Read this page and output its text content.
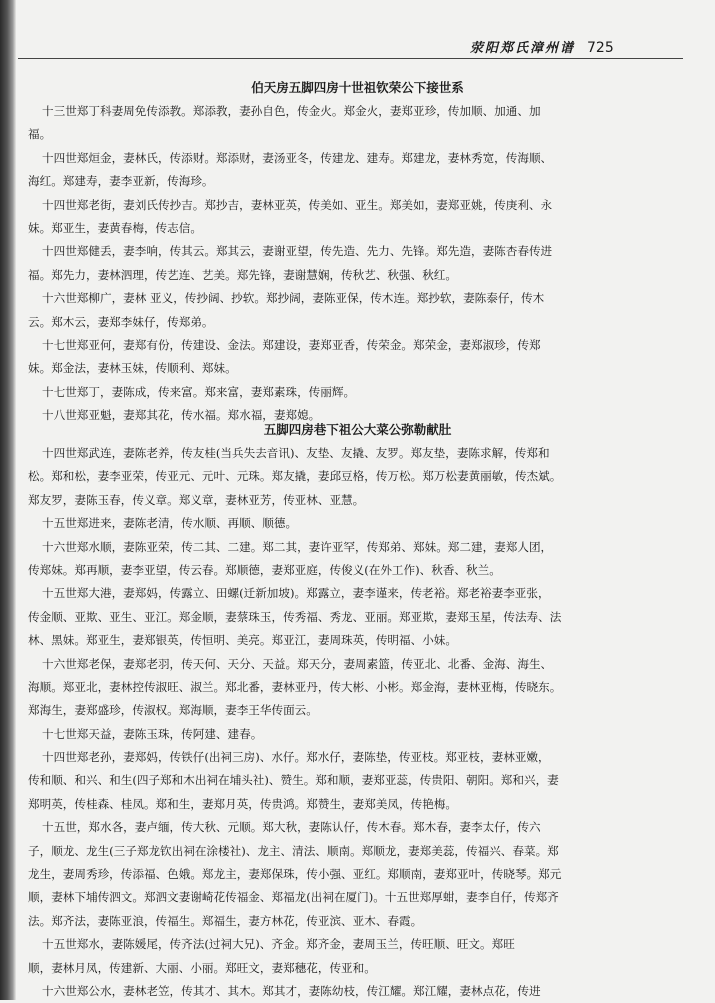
荥阳郑氏漳州谱 725
伯天房五脚四房十世祖钦荣公下接世系
十三世郑丁科妻周免传添教。郑添教，妻孙自色，传金火。郑金火，妻郑亚珍，传加顺、加通、加
福。
十四世郑烜金，妻林氏，传添财。郑添财，妻汤亚冬，传建龙、建寿。郑建龙，妻林秀宽，传海顺、
海红。郑建寿，妻李亚新，传海珍。
十四世郑老街，妻刘氏传抄吉。郑抄吉，妻林亚英，传美如、亚生。郑美如，妻郑亚姚，传庚利、永
妹。郑亚生，妻黄春梅，传志信。
十四世郑健丢，妻李响，传其云。郑其云，妻谢亚望，传先造、先力、先锋。郑先造，妻陈杏春传进
福。郑先力，妻林泗理，传艺连、艺美。郑先锋，妻谢慧娴，传秋艺、秋强、秋红。
十六世郑柳广，妻林 亚义，传抄阔、抄软。郑抄阔，妻陈亚保，传木连。郑抄软，妻陈泰仔，传木
云。郑木云，妻郑李妹仔，传郑弟。
十七世郑亚何，妻郑有份，传建设、金法。郑建设，妻郑亚香，传荣金。郑荣金，妻郑淑珍，传郑
妹。郑金法，妻林玉妹，传顺利、郑妹。
十七世郑丁，妻陈成，传来富。郑来富，妻郑素珠，传丽辉。
十八世郑亚魁，妻郑其花，传水福。郑水福，妻郑媳。
五脚四房巷下祖公大菜公弥勒献肚
十四世郑武连，妻陈老养，传友桂(当兵失去音讯)、友垫、友撬、友罗。郑友垫，妻陈求解，传郑和
松。郑和松，妻李亚荣，传亚元、元叶、元珠。郑友撬，妻邱豆格，传万松。郑万松妻黄丽敏，传杰斌。
郑友罗，妻陈玉春，传义章。郑义章，妻林亚芳，传亚林、亚慧。
十五世郑进来，妻陈老清，传水顺、再顺、顺德。
十六世郑水顺，妻陈亚荣，传二其、二建。郑二其，妻许亚罕，传郑弟、郑妹。郑二建，妻郑人团，
传郑妹。郑再顺，妻李亚望，传云春。郑顺德，妻郑亚庭，传俊义(在外工作)、秋香、秋兰。
十五世郑大港，妻郑妈，传露立、田螺(迁新加坡)。郑露立，妻李谨来，传老裕。郑老裕妻李亚张，
传金顺、亚欺、亚生、亚江。郑金顺，妻蔡珠玉，传秀福、秀龙、亚丽。郑亚欺，妻郑玉星，传法寿、法
林、黑妹。郑亚生，妻郑银英，传恒明、美亮。郑亚江，妻周珠英，传明福、小妹。
十六世郑老保，妻郑老羽，传天何、天分、天益。郑天分，妻周素篮，传亚北、北番、金海、海生、
海顺。郑亚北，妻林控传淑旺、淑兰。郑北番，妻林亚丹，传大彬、小彬。郑金海，妻林亚梅，传晓东。
郑海生，妻郑盛珍，传淑权。郑海顺，妻李王华传面云。
十七世郑天益，妻陈玉珠，传阿建、建春。
十四世郑老孙，妻郑妈，传铁仔(出祠三房)、水仔。郑水仔，妻陈垫，传亚枝。郑亚枝，妻林亚嫩，
传和顺、和兴、和生(四子郑和木出祠在埔头社)、赞生。郑和顺，妻郑亚蕊，传贵阳、朝阳。郑和兴，妻
郑明英，传桂森、桂凤。郑和生，妻郑月英，传贵鸿。郑赞生，妻郑美凤，传艳梅。
十五世，郑水各，妻卢缅，传大秋、元顺。郑大秋，妻陈认仔，传木春。郑木春，妻李太仔，传六
子，顺龙、龙生(三子郑龙钦出祠在涂楼社)、龙主、清法、顺南。郑顺龙，妻郑美蕊，传福兴、春菜。郑
龙生，妻周秀珍，传添福、色娥。郑龙主，妻郑保珠，传小强、亚红。郑顺南，妻郑亚叶，传晓琴。郑元
顺，妻林下埔传泗文。郑泗文妻谢崎花传福金、郑福龙(出祠在厦门)。十五世郑厚蚶，妻李自仔，传郑齐
法。郑齐法，妻陈亚浪，传福生。郑福生，妻方林花，传亚滨、亚木、春霞。
十五世郑水，妻陈媛尾，传齐法(过祠大兄)、齐金。郑齐金，妻周玉兰，传旺顺、旺文。郑旺
顺，妻林月凤，传建新、大丽、小丽。郑旺文，妻郑穗花，传亚和。
十六世郑公水，妻林老笠，传其才、其木。郑其才，妻陈幼枝，传江耀。郑江耀，妻林点花，传进
